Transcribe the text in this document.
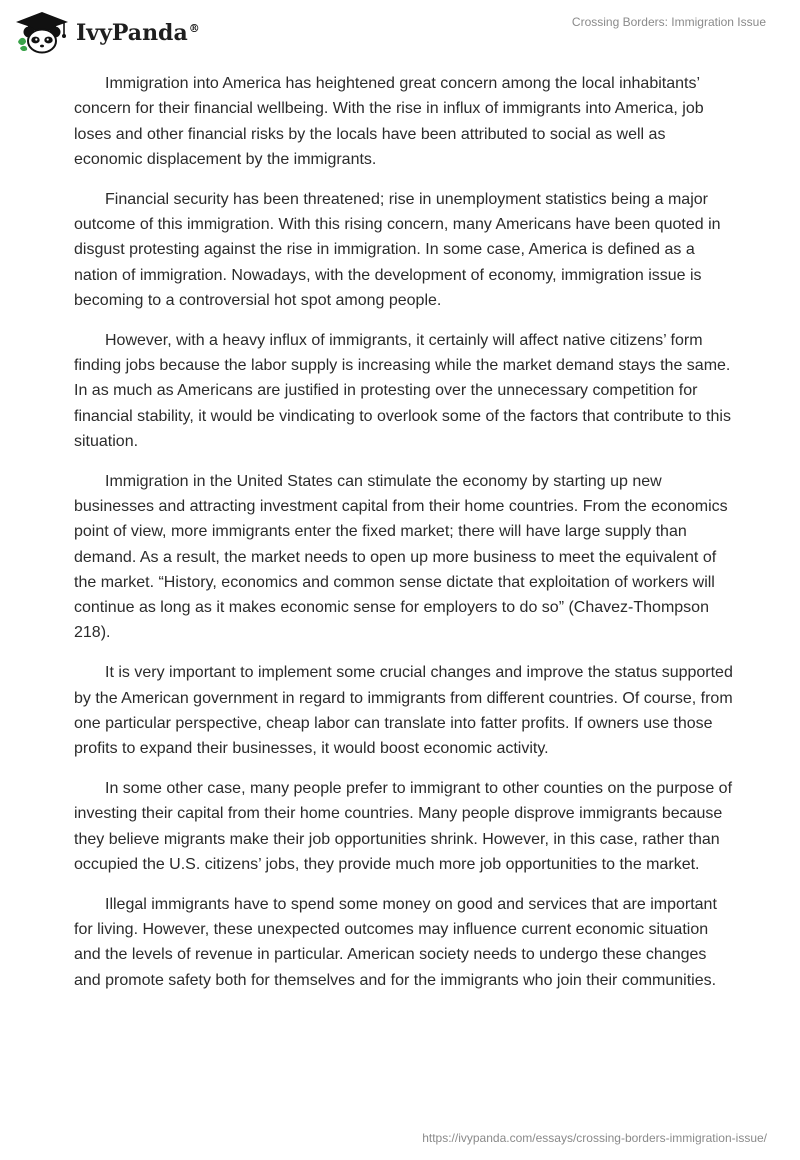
IvyPanda®	Crossing Borders: Immigration Issue

Immigration into America has heightened great concern among the local inhabitants’ concern for their financial wellbeing. With the rise in influx of immigrants into America, job loses and other financial risks by the locals have been attributed to social as well as economic displacement by the immigrants.

Financial security has been threatened; rise in unemployment statistics being a major outcome of this immigration. With this rising concern, many Americans have been quoted in disgust protesting against the rise in immigration. In some case, America is defined as a nation of immigration. Nowadays, with the development of economy, immigration issue is becoming to a controversial hot spot among people.

However, with a heavy influx of immigrants, it certainly will affect native citizens’ form finding jobs because the labor supply is increasing while the market demand stays the same. In as much as Americans are justified in protesting over the unnecessary competition for financial stability, it would be vindicating to overlook some of the factors that contribute to this situation.

Immigration in the United States can stimulate the economy by starting up new businesses and attracting investment capital from their home countries. From the economics point of view, more immigrants enter the fixed market; there will have large supply than demand. As a result, the market needs to open up more business to meet the equivalent of the market. “History, economics and common sense dictate that exploitation of workers will continue as long as it makes economic sense for employers to do so” (Chavez-Thompson 218).

It is very important to implement some crucial changes and improve the status supported by the American government in regard to immigrants from different countries. Of course, from one particular perspective, cheap labor can translate into fatter profits. If owners use those profits to expand their businesses, it would boost economic activity.

In some other case, many people prefer to immigrant to other counties on the purpose of investing their capital from their home countries. Many people disprove immigrants because they believe migrants make their job opportunities shrink. However, in this case, rather than occupied the U.S. citizens’ jobs, they provide much more job opportunities to the market.

Illegal immigrants have to spend some money on good and services that are important for living. However, these unexpected outcomes may influence current economic situation and the levels of revenue in particular. American society needs to undergo these changes and promote safety both for themselves and for the immigrants who join their communities.

https://ivypanda.com/essays/crossing-borders-immigration-issue/
